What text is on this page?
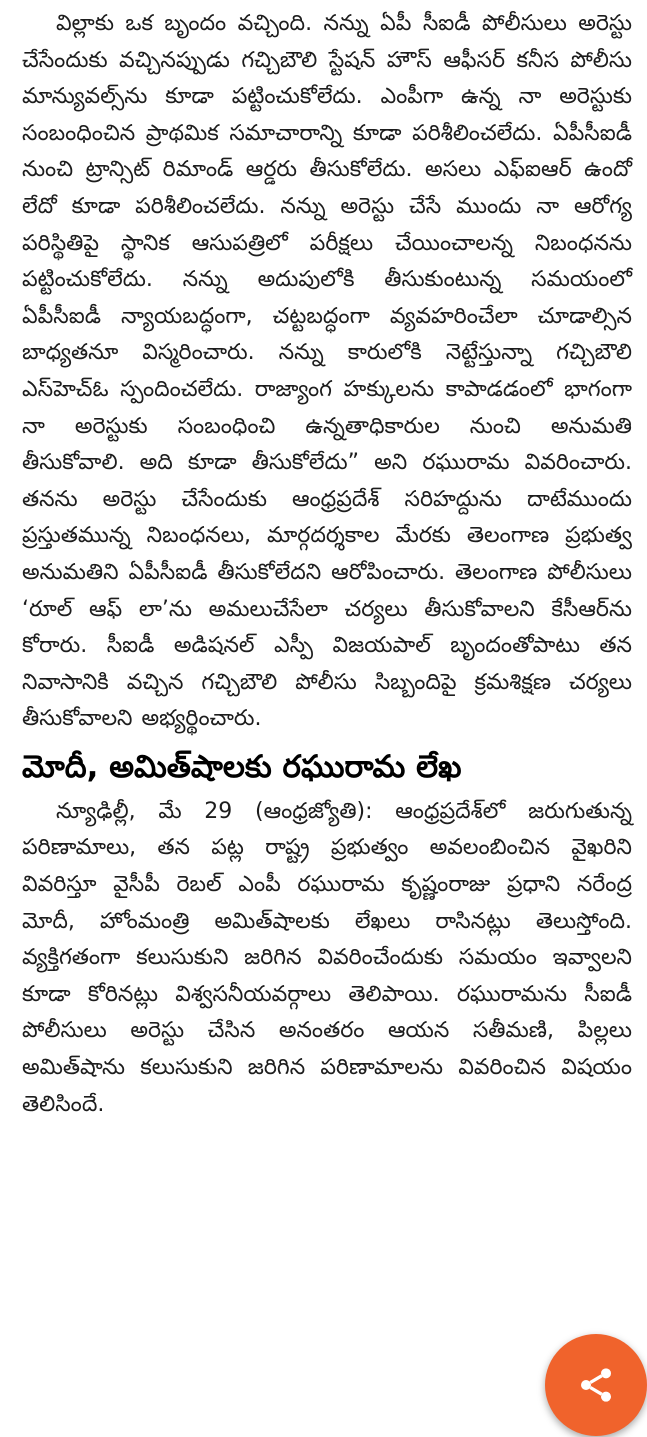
విల్లాకు ఒక బృందం వచ్చింది. నన్ను ఏపీ సీఐడీ పోలీసులు అరెస్టు చేసేందుకు వచ్చినప్పుడు గచ్చిబౌలి స్టేషన్ హౌస్ ఆఫీసర్ కనీస పోలీసు మాన్యువల్స్‌ను కూడా పట్టించుకోలేదు. ఎంపీగా ఉన్న నా అరెస్టుకు సంబంధించిన ప్రాథమిక సమాచారాన్ని కూడా పరిశీలించలేదు. ఏపీసీఐడీ నుంచి ట్రాన్సిట్ రిమాండ్ ఆర్డరు తీసుకోలేదు. అసలు ఎఫ్‌ఐఆర్ ఉందో లేదో కూడా పరిశీలించలేదు. నన్ను అరెస్టు చేసే ముందు నా ఆరోగ్య పరిస్థితిపై స్థానిక ఆసుపత్రిలో పరీక్షలు చేయించాలన్న నిబంధనను పట్టించుకోలేదు. నన్ను అదుపులోకి తీసుకుంటున్న సమయంలో ఏపీసీఐడీ న్యాయబద్ధంగా, చట్టబద్ధంగా వ్యవహరించేలా చూడాల్సిన బాధ్యతనూ విస్మరించారు. నన్ను కారులోకి నెట్టేస్తున్నా గచ్చిబౌలి ఎస్‌హెచ్‌ఓ స్పందించలేదు. రాజ్యాంగ హక్కులను కాపాడడంలో భాగంగా నా అరెస్టుకు సంబంధించి ఉన్నతాధికారుల నుంచి అనుమతి తీసుకోవాలి. అది కూడా తీసుకోలేదు” అని రఘురామ వివరించారు. తనను అరెస్టు చేసేందుకు ఆంధ్రప్రదేశ్ సరిహద్దును దాటేముందు ప్రస్తుతమున్న నిబంధనలు, మార్గదర్శకాల మేరకు తెలంగాణ ప్రభుత్వ అనుమతిని ఏపీసీఐడీ తీసుకోలేదని ఆరోపించారు. తెలంగాణ పోలీసులు ‘రూల్ ఆఫ్ లా’ను అమలుచేసేలా చర్యలు తీసుకోవాలని కేసీఆర్‌ను కోరారు. సీఐడీ అడిషనల్ ఎస్పీ విజయపాల్ బృందంతోపాటు తన నివాసానికి వచ్చిన గచ్చిబౌలి పోలీసు సిబ్బందిపై క్రమశిక్షణ చర్యలు తీసుకోవాలని అభ్యర్థించారు.

మోదీ, అమిత్‌షాలకు రఘురామ లేఖ

న్యూఢిల్లీ, మే 29 (ఆంధ్రజ్యోతి): ఆంధ్రప్రదేశ్‌లో జరుగుతున్న పరిణామాలు, తన పట్ల రాష్ట్ర ప్రభుత్వం అవలంబించిన వైఖరిని వివరిస్తూ వైసీపీ రెబల్ ఎంపీ రఘురామ కృష్ణంరాజు ప్రధాని నరేంద్ర మోదీ, హోంమంత్రి అమిత్‌షాలకు లేఖలు రాసినట్లు తెలుస్తోంది. వ్యక్తిగతంగా కలుసుకుని జరిగిన వివరించేందుకు సమయం ఇవ్వాలని కూడా కోరినట్లు విశ్వసనీయవర్గాలు తెలిపాయి. రఘురామను సీఐడీ పోలీసులు అరెస్టు చేసిన అనంతరం ఆయన సతీమణి, పిల్లలు అమిత్‌షాను కలుసుకుని జరిగిన పరిణామాలను వివరించిన విషయం తెలిసిందే.
